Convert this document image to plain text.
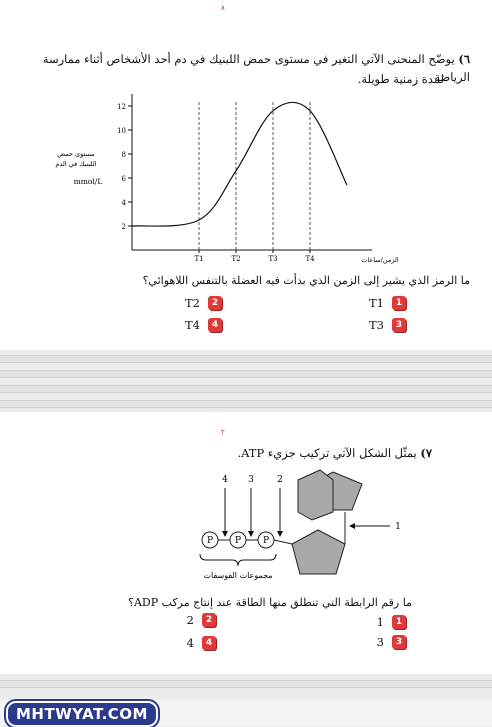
٨
٦) يوضّح المنحنى الآتي التغير في مستوى حمض اللبنيك في دم أحد الأشخاص أثناء ممارسة الرياضة
لمدة زمنية طويلة.
مستوى حمض
اللبنيك في الدم
mmol/L
2
4
6
8
10
12
T1	T2	T3	T4	الزمن/ساعات
ما الرمز الذي يشير إلى الزمن الذي بدأت فيه العضلة بالتنفس اللاهوائي؟
1
T1
2
T2
3
T3
4
T4
٢
٧) يمثّل الشكل الآتي تركيب جزيء ATP.
P P P
4 3	2
1
مجموعات الفوسفات
ما رقم الرابطة التي تنطلق منها الطاقة عند إنتاج مركب ADP؟
1
1
2
2
3
3
4
4
MHTWYAT.COM
